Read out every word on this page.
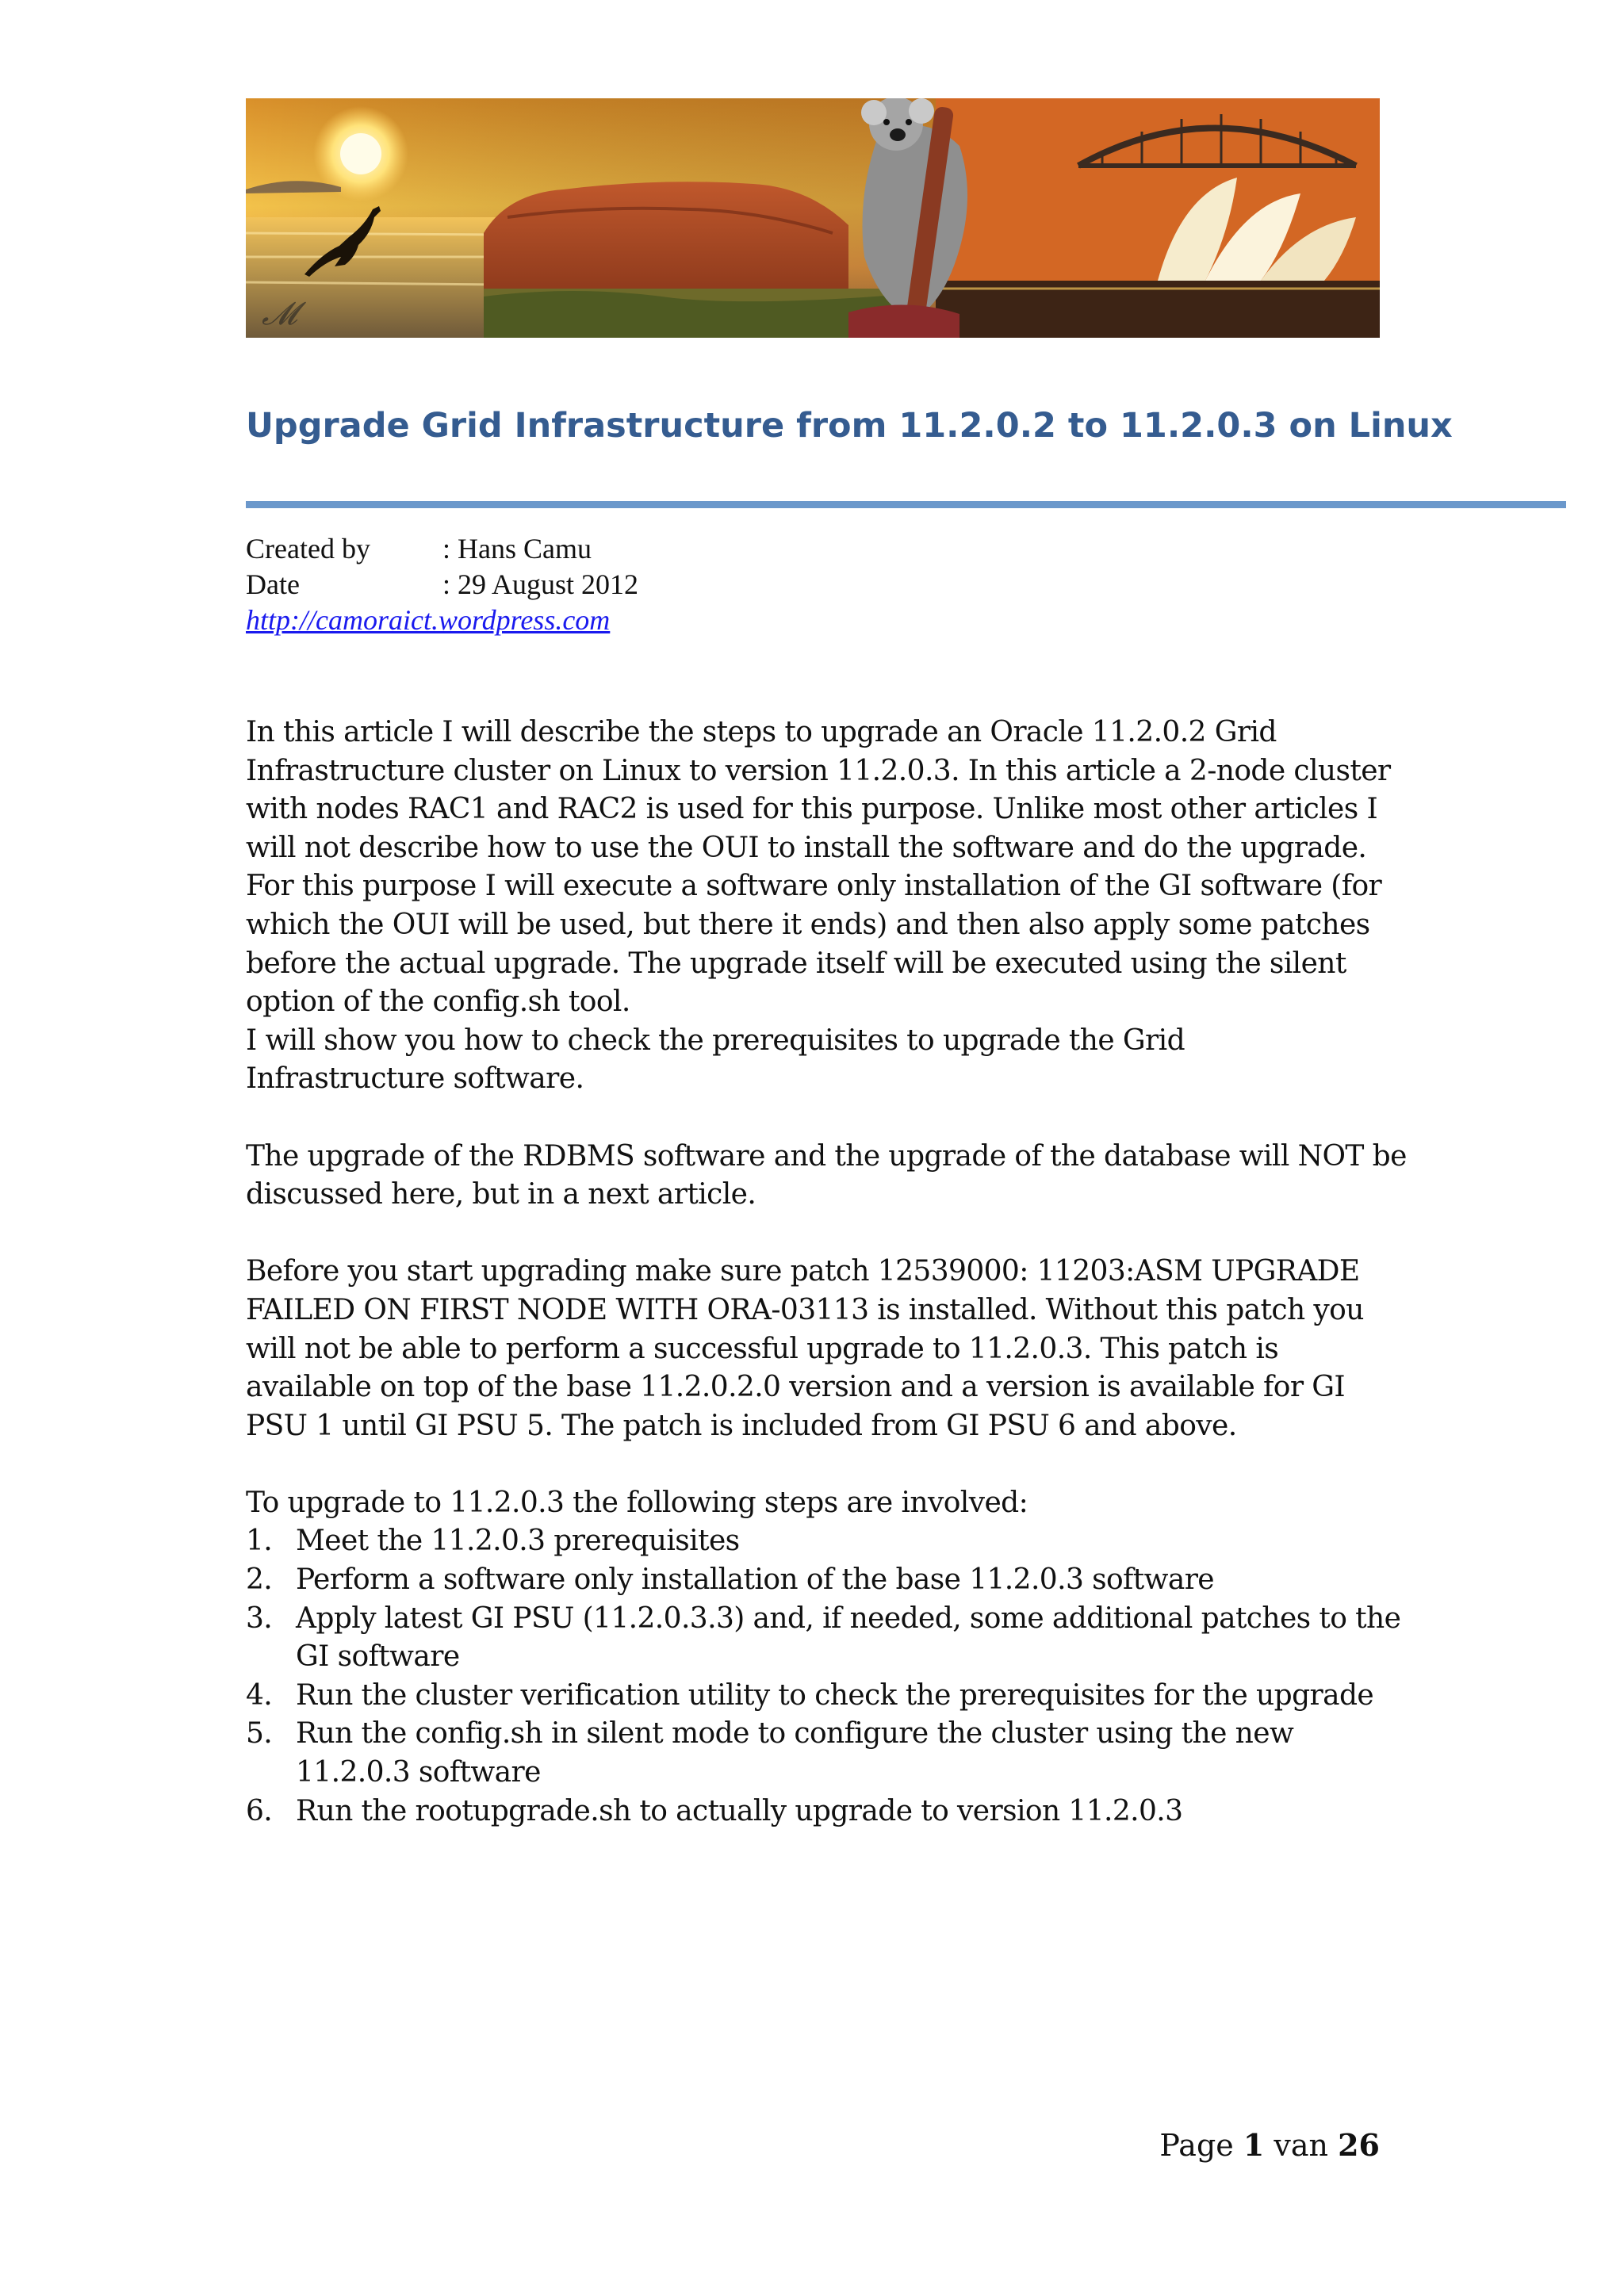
𝓜
Upgrade Grid Infrastructure from 11.2.0.2 to 11.2.0.3 on Linux
Created by	: Hans Camu
Date	: 29 August 2012
http://camoraict.wordpress.com

In this article I will describe the steps to upgrade an Oracle 11.2.0.2 Grid

Infrastructure cluster on Linux to version 11.2.0.3. In this article a 2-node cluster

with nodes RAC1 and RAC2 is used for this purpose. Unlike most other articles I

will not describe how to use the OUI to install the software and do the upgrade.

For this purpose I will execute a software only installation of the GI software (for

which the OUI will be used, but there it ends) and then also apply some patches

before the actual upgrade. The upgrade itself will be executed using the silent

option of the config.sh tool.

I will show you how to check the prerequisites to upgrade the Grid

Infrastructure software.

The upgrade of the RDBMS software and the upgrade of the database will NOT be

discussed here, but in a next article.

Before you start upgrading make sure patch 12539000: 11203:ASM UPGRADE

FAILED ON FIRST NODE WITH ORA-03113 is installed. Without this patch you

will not be able to perform a successful upgrade to 11.2.0.3. This patch is

available on top of the base 11.2.0.2.0 version and a version is available for GI

PSU 1 until GI PSU 5. The patch is included from GI PSU 6 and above.

To upgrade to 11.2.0.3 the following steps are involved:

1. Meet the 11.2.0.3 prerequisites
2. Perform a software only installation of the base 11.2.0.3 software
3. Apply latest GI PSU (11.2.0.3.3) and, if needed, some additional patches to the
GI software
4. Run the cluster verification utility to check the prerequisites for the upgrade
5. Run the config.sh in silent mode to configure the cluster using the new
11.2.0.3 software
6. Run the rootupgrade.sh to actually upgrade to version 11.2.0.3
Page 1 van 26
